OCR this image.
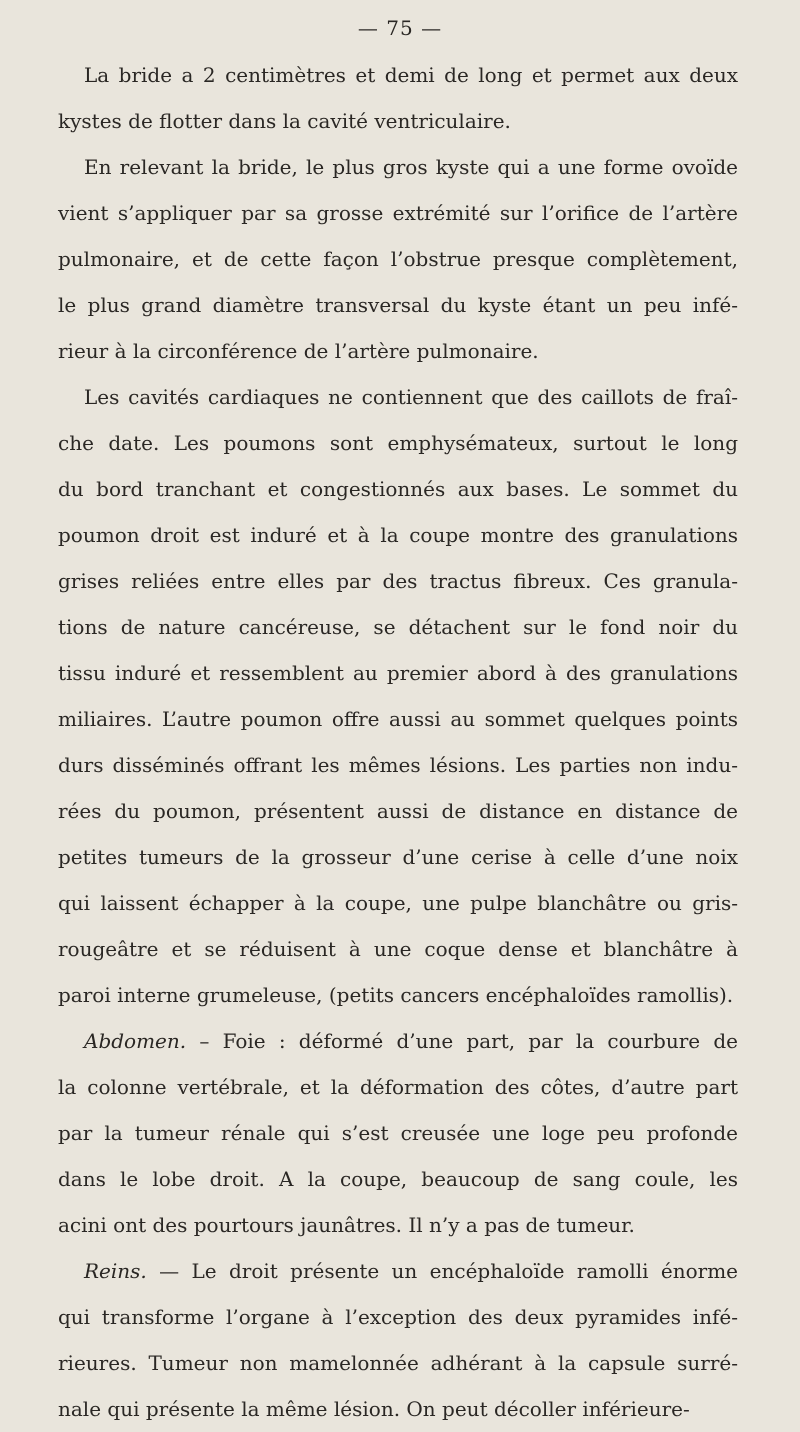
— 75 —
La bride a 2 centimètres et demi de long et permet aux deux
kystes de flotter dans la cavité ventriculaire.
En relevant la bride, le plus gros kyste qui a une forme ovoïde
vient s’appliquer par sa grosse extrémité sur l’orifice de l’artère
pulmonaire, et de cette façon l’obstrue presque complètement,
le plus grand diamètre transversal du kyste étant un peu infé-
rieur à la circonférence de l’artère pulmonaire.
Les cavités cardiaques ne contiennent que des caillots de fraî-
che date. Les poumons sont emphysémateux, surtout le long
du bord tranchant et congestionnés aux bases. Le sommet du
poumon droit est induré et à la coupe montre des granulations
grises reliées entre elles par des tractus fibreux. Ces granula-
tions de nature cancéreuse, se détachent sur le fond noir du
tissu induré et ressemblent au premier abord à des granulations
miliaires. L’autre poumon offre aussi au sommet quelques points
durs disséminés offrant les mêmes lésions. Les parties non indu-
rées du poumon, présentent aussi de distance en distance de
petites tumeurs de la grosseur d’une cerise à celle d’une noix
qui laissent échapper à la coupe, une pulpe blanchâtre ou gris-
rougeâtre et se réduisent à une coque dense et blanchâtre à
paroi interne grumeleuse, (petits cancers encéphaloïdes ramollis).
Abdomen. – Foie : déformé d’une part, par la courbure de
la colonne vertébrale, et la déformation des côtes, d’autre part
par la tumeur rénale qui s’est creusée une loge peu profonde
dans le lobe droit. A la coupe, beaucoup de sang coule, les
acini ont des pourtours jaunâtres. Il n’y a pas de tumeur.
Reins. — Le droit présente un encéphaloïde ramolli énorme
qui transforme l’organe à l’exception des deux pyramides infé-
rieures. Tumeur non mamelonnée adhérant à la capsule surré-
nale qui présente la même lésion. On peut décoller inférieure-
